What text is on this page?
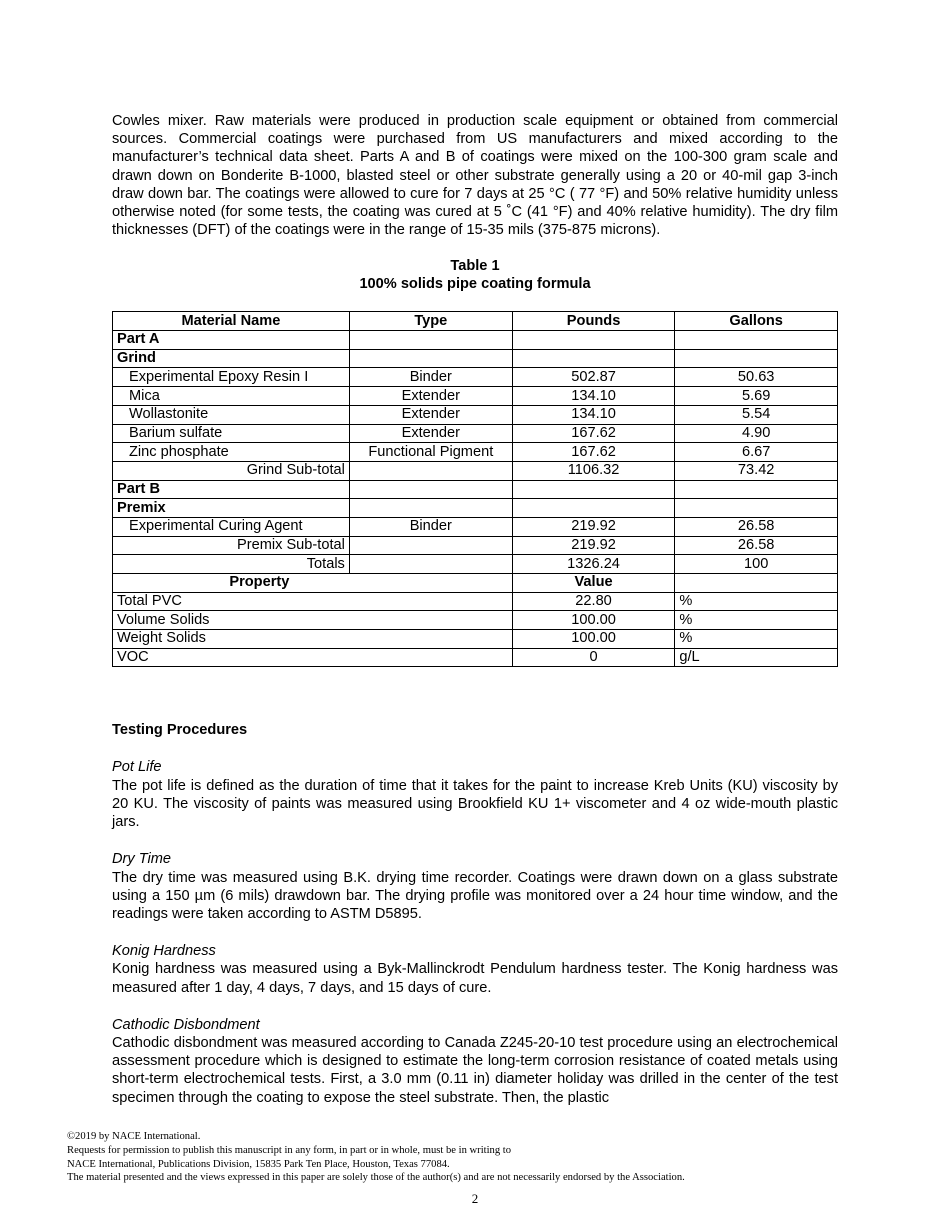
Cowles mixer. Raw materials were produced in production scale equipment or obtained from commercial sources. Commercial coatings were purchased from US manufacturers and mixed according to the manufacturer’s technical data sheet. Parts A and B of coatings were mixed on the 100-300 gram scale and drawn down on Bonderite B-1000, blasted steel or other substrate generally using a 20 or 40-mil gap 3-inch draw down bar. The coatings were allowed to cure for 7 days at 25 °C ( 77 °F) and 50% relative humidity unless otherwise noted (for some tests, the coating was cured at 5 ˚C (41 °F) and 40% relative humidity). The dry film thicknesses (DFT) of the coatings were in the range of 15-35 mils (375-875 microns).

Table 1
100% solids pipe coating formula
Material Name	Type	Pounds	Gallons
Part A			
Grind			
Experimental Epoxy Resin I	Binder	502.87	50.63
Mica	Extender	134.10	5.69
Wollastonite	Extender	134.10	5.54
Barium sulfate	Extender	167.62	4.90
Zinc phosphate	Functional Pigment	167.62	6.67
Grind Sub-total		1106.32	73.42
Part B			
Premix			
Experimental Curing Agent	Binder	219.92	26.58
Premix Sub-total		219.92	26.58
Totals		1326.24	100
Property		Value	
Total PVC		22.80	%
Volume Solids		100.00	%
Weight Solids		100.00	%
VOC		0	g/L
Testing Procedures
Pot Life

The pot life is defined as the duration of time that it takes for the paint to increase Kreb Units (KU) viscosity by 20 KU. The viscosity of paints was measured using Brookfield KU 1+ viscometer and 4 oz wide-mouth plastic jars.

Dry Time

The dry time was measured using B.K. drying time recorder. Coatings were drawn down on a glass substrate using a 150 µm (6 mils) drawdown bar. The drying profile was monitored over a 24 hour time window, and the readings were taken according to ASTM D5895.

Konig Hardness

Konig hardness was measured using a Byk-Mallinckrodt Pendulum hardness tester. The Konig hardness was measured after 1 day, 4 days, 7 days, and 15 days of cure.

Cathodic Disbondment

Cathodic disbondment was measured according to Canada Z245-20-10 test procedure using an electrochemical assessment procedure which is designed to estimate the long-term corrosion resistance of coated metals using short-term electrochemical tests. First, a 3.0 mm (0.11 in) diameter holiday was drilled in the center of the test specimen through the coating to expose the steel substrate. Then, the plastic

©2019 by NACE International.
Requests for permission to publish this manuscript in any form, in part or in whole, must be in writing to
NACE International, Publications Division, 15835 Park Ten Place, Houston, Texas 77084.
The material presented and the views expressed in this paper are solely those of the author(s) and are not necessarily endorsed by the Association.
2
